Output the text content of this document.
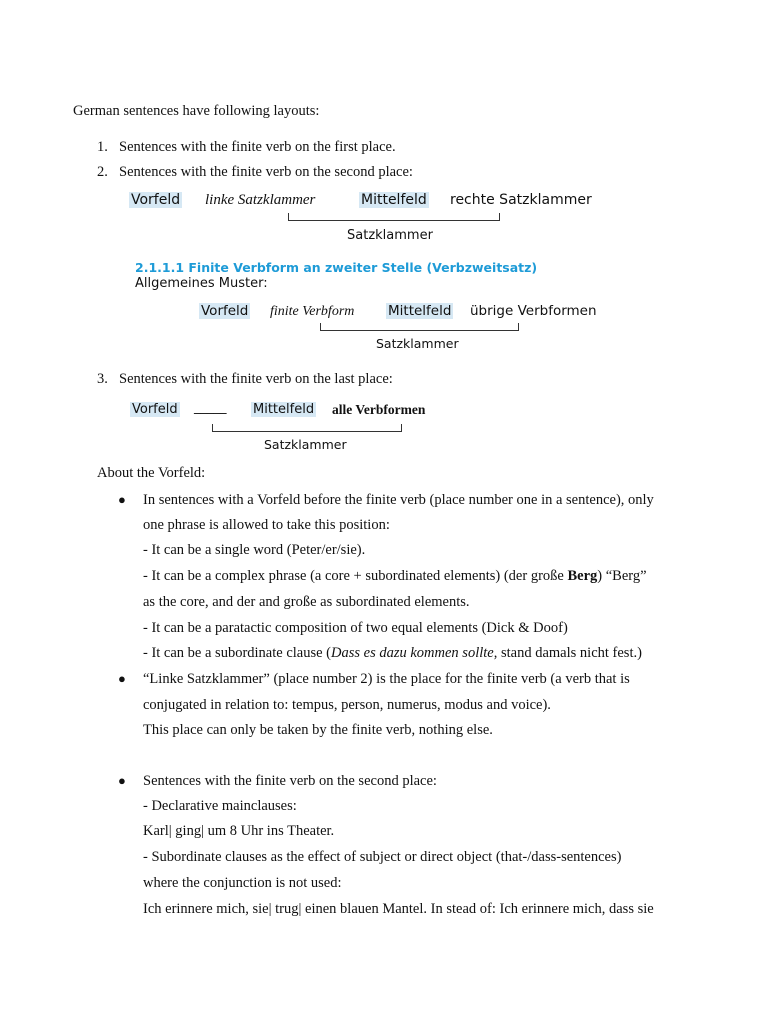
German sentences have following layouts:
1. Sentences with the finite verb on the first place.
2. Sentences with the finite verb on the second place:
Vorfeld linke Satzklammer	Mittelfeld rechte Satzklammer
Satzklammer
2.1.1.1 Finite Verbform an zweiter Stelle (Verbzweitsatz)
Allgemeines Muster:
Vorfeld finite Verbform Mittelfeld übrige Verbformen
Satzklammer
3. Sentences with the finite verb on the last place:
Vorfeld _____ Mittelfeld alle Verbformen
Satzklammer
About the Vorfeld:
● In sentences with a Vorfeld before the finite verb (place number one in a sentence), only
one phrase is allowed to take this position:
- It can be a single word (Peter/er/sie).
- It can be a complex phrase (a core + subordinated elements) (der große Berg) “Berg”
as the core, and der and große as subordinated elements.
- It can be a paratactic composition of two equal elements (Dick & Doof)
- It can be a subordinate clause (Dass es dazu kommen sollte, stand damals nicht fest.)
● “Linke Satzklammer” (place number 2) is the place for the finite verb (a verb that is
conjugated in relation to: tempus, person, numerus, modus and voice).
This place can only be taken by the finite verb, nothing else.
● Sentences with the finite verb on the second place:
- Declarative mainclauses:
Karl| ging| um 8 Uhr ins Theater.
- Subordinate clauses as the effect of subject or direct object (that-/dass-sentences)
where the conjunction is not used:
Ich erinnere mich, sie| trug| einen blauen Mantel. In stead of: Ich erinnere mich, dass sie
